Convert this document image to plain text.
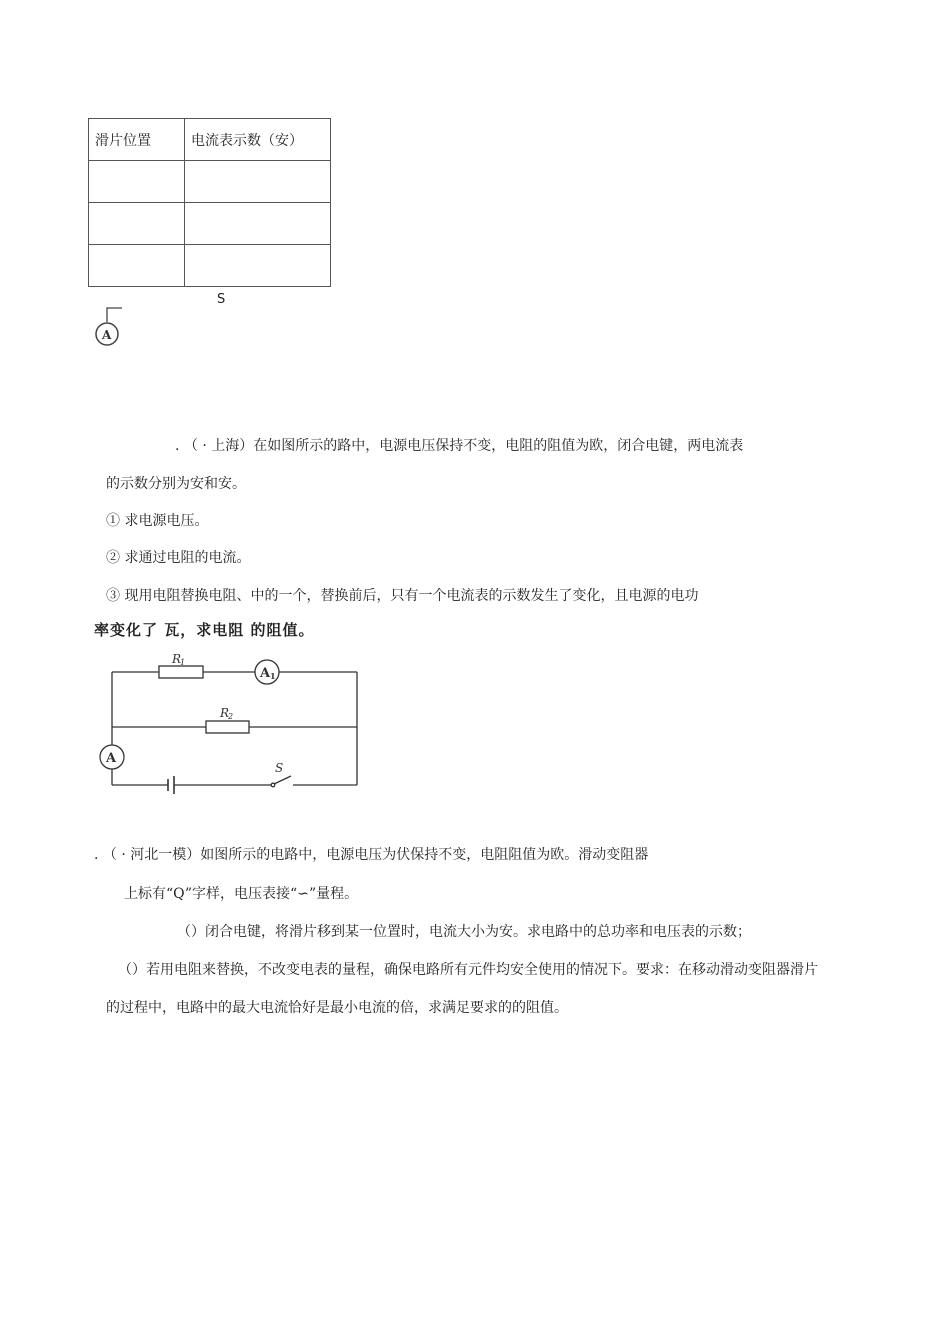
滑片位置	电流表示数（安）

S
A
. （ · 上海）在如图所示的路中，电源电压保持不变，电阻的阻值为欧，闭合电键，两电流表
的示数分别为安和安。
① 求电源电压。
② 求通过电阻的电流。
③ 现用电阻替换电阻、中的一个，替换前后，只有一个电流表的示数发生了变化，且电源的电功
率变化了 瓦，求电阻 的阻值。
R
1
R
2
A 1
A
S
. （ · 河北一模）如图所示的电路中，电源电压为伏保持不变，电阻阻值为欧。滑动变阻器
上标有“Q”字样，电压表接“∽”量程。
（）闭合电键，将滑片移到某一位置时，电流大小为安。求电路中的总功率和电压表的示数；
（）若用电阻来替换，不改变电表的量程，确保电路所有元件均安全使用的情况下。要求：在移动滑动变阻器滑片
的过程中，电路中的最大电流恰好是最小电流的倍，求满足要求的的阻值。
